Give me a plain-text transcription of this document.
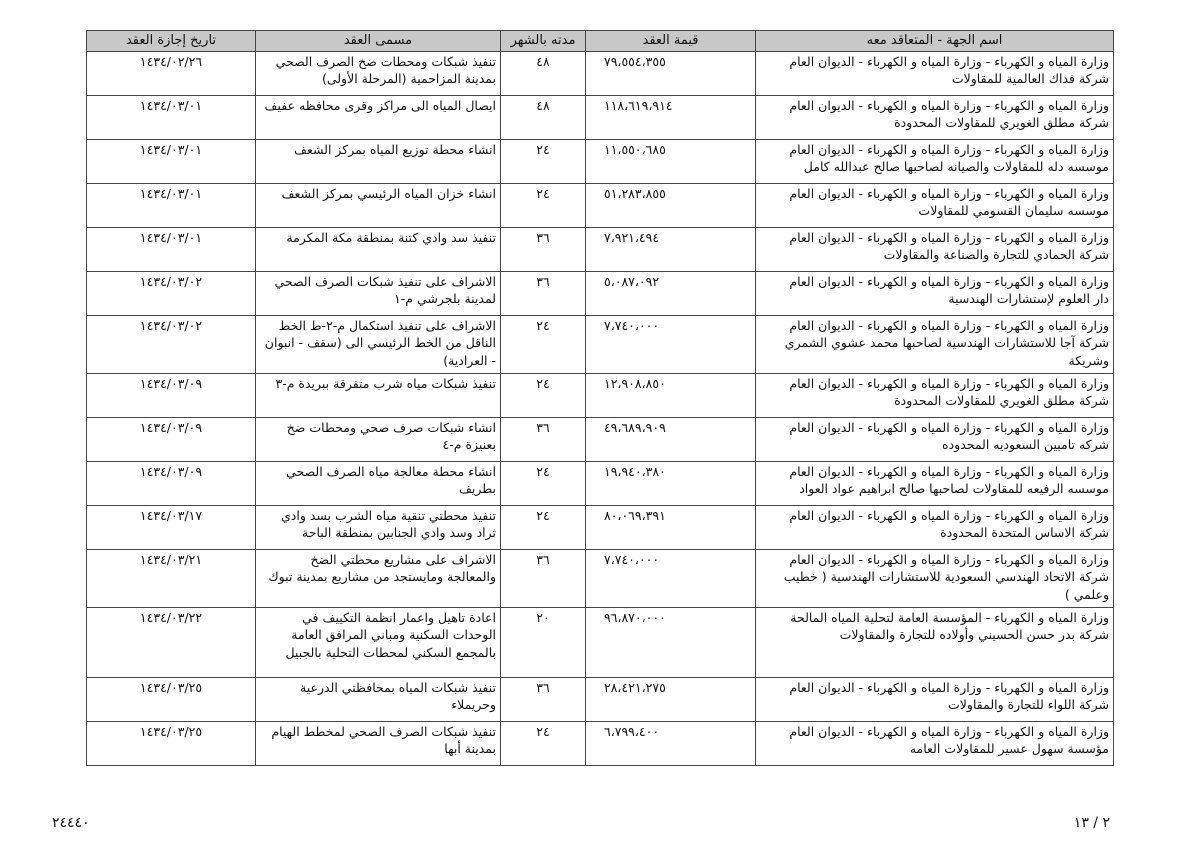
اسم الجهة - المتعاقد معه	قيمة العقد	مدته بالشهر	مسمى العقد	تاريخ إجازة العقد

وزارة المياه و الكهرباء - وزارة المياه و الكهرباء - الديوان العام
شركة فداك العالمية للمقاولات	٧٩،٥٥٤،٣٥٥	٤٨	تنفيذ شبكات ومحطات ضخ الصرف الصحي بمدينة المزاحمية (المرحلة الأولى)	١٤٣٤/٠٢/٢٦

وزارة المياه و الكهرباء - وزارة المياه و الكهرباء - الديوان العام
شركة مطلق الغويري للمقاولات المحدودة	١١٨،٦١٩،٩١٤	٤٨	ايصال المياه الى مراكز وقرى محافظه عفيف	١٤٣٤/٠٣/٠١

وزارة المياه و الكهرباء - وزارة المياه و الكهرباء - الديوان العام
موسسه دله للمقاولات والصيانه لصاحبها صالح عبدالله كامل	١١،٥٥٠،٦٨٥	٢٤	انشاء محطة توزيع المياه بمركز الشعف	١٤٣٤/٠٣/٠١

وزارة المياه و الكهرباء - وزارة المياه و الكهرباء - الديوان العام
موسسه سليمان القسومي للمقاولات	٥١،٢٨٣،٨٥٥	٢٤	انشاء خزان المياه الرئيسي بمركز الشعف	١٤٣٤/٠٣/٠١

وزارة المياه و الكهرباء - وزارة المياه و الكهرباء - الديوان العام
شركة الحمادي للتجارة والصناعة والمقاولات	٧،٩٢١،٤٩٤	٣٦	تنفيذ سد وادي كتنة بمنطقة مكة المكرمة	١٤٣٤/٠٣/٠١

وزارة المياه و الكهرباء - وزارة المياه و الكهرباء - الديوان العام
دار العلوم لإستشارات الهندسية	٥،٠٨٧،٠٩٢	٣٦	الاشراف على تنفيذ شبكات الصرف الصحي لمدينة بلجرشي م-١	١٤٣٤/٠٣/٠٢

وزارة المياه و الكهرباء - وزارة المياه و الكهرباء - الديوان العام
شركة آجا للاستشارات الهندسية لصاحبها محمد عشوي الشمري وشريكة	٧،٧٤٠،٠٠٠	٢٤	الاشراف على تنفيذ استكمال م-٢-ط الخط الناقل من الخط الرئيسي الى (سقف - انبوان - العرادية)	١٤٣٤/٠٣/٠٢

وزارة المياه و الكهرباء - وزارة المياه و الكهرباء - الديوان العام
شركة مطلق الغويري للمقاولات المحدودة	١٢،٩٠٨،٨٥٠	٢٤	تنفيذ شبكات مياه شرب متفرقة ببريدة م-٣	١٤٣٤/٠٣/٠٩

وزارة المياه و الكهرباء - وزارة المياه و الكهرباء - الديوان العام
شركه تامبين السعوديه المحدوده	٤٩،٦٨٩،٩٠٩	٣٦	انشاء شبكات صرف صحي ومحطات ضخ بعنيزة م-٤	١٤٣٤/٠٣/٠٩

وزارة المياه و الكهرباء - وزارة المياه و الكهرباء - الديوان العام
موسسه الرفيعه للمقاولات لصاحبها صالح ابراهيم عواد العواد	١٩،٩٤٠،٣٨٠	٢٤	انشاء محطة معالجة مياه الصرف الصحي بطريف	١٤٣٤/٠٣/٠٩

وزارة المياه و الكهرباء - وزارة المياه و الكهرباء - الديوان العام
شركة الاساس المتحدة المحدودة	٨٠،٠٦٩،٣٩١	٢٤	تنفيذ محطتي تنقية مياه الشرب بسد وادي ثراد وسد وادي الجنابين بمنطقة الباحة	١٤٣٤/٠٣/١٧

وزارة المياه و الكهرباء - وزارة المياه و الكهرباء - الديوان العام
شركة الاتحاد الهندسي السعودية للاستشارات الهندسية ( خطيب وعلمي )	٧،٧٤٠،٠٠٠	٣٦	الاشراف على مشاريع محطتي الضخ والمعالجة ومايستجد من مشاريع بمدينة تبوك	١٤٣٤/٠٣/٢١

وزارة المياه و الكهرباء - المؤسسة العامة لتحلية المياه المالحة
شركة بدر حسن الحسيني وأولاده للتجارة والمقاولات	٩٦،٨٧٠،٠٠٠	٢٠	اعادة تاهيل واعمار انظمة التكييف في الوحدات السكنية ومباني المرافق العامة بالمجمع السكني لمحطات التحلية بالجبيل	١٤٣٤/٠٣/٢٢

وزارة المياه و الكهرباء - وزارة المياه و الكهرباء - الديوان العام
شركة اللواء للتجارة والمقاولات	٢٨،٤٢١،٢٧٥	٣٦	تنفيذ شبكات المياه بمحافظتي الدرعية وحريملاء	١٤٣٤/٠٣/٢٥

وزارة المياه و الكهرباء - وزارة المياه و الكهرباء - الديوان العام
مؤسسة سهول عسير للمقاولات العامه	٦،٧٩٩،٤٠٠	٢٤	تنفيذ شبكات الصرف الصحي لمخطط الهيام بمدينة أبها	١٤٣٤/٠٣/٢٥
٢ / ١٣
٢٤٤٤٠
